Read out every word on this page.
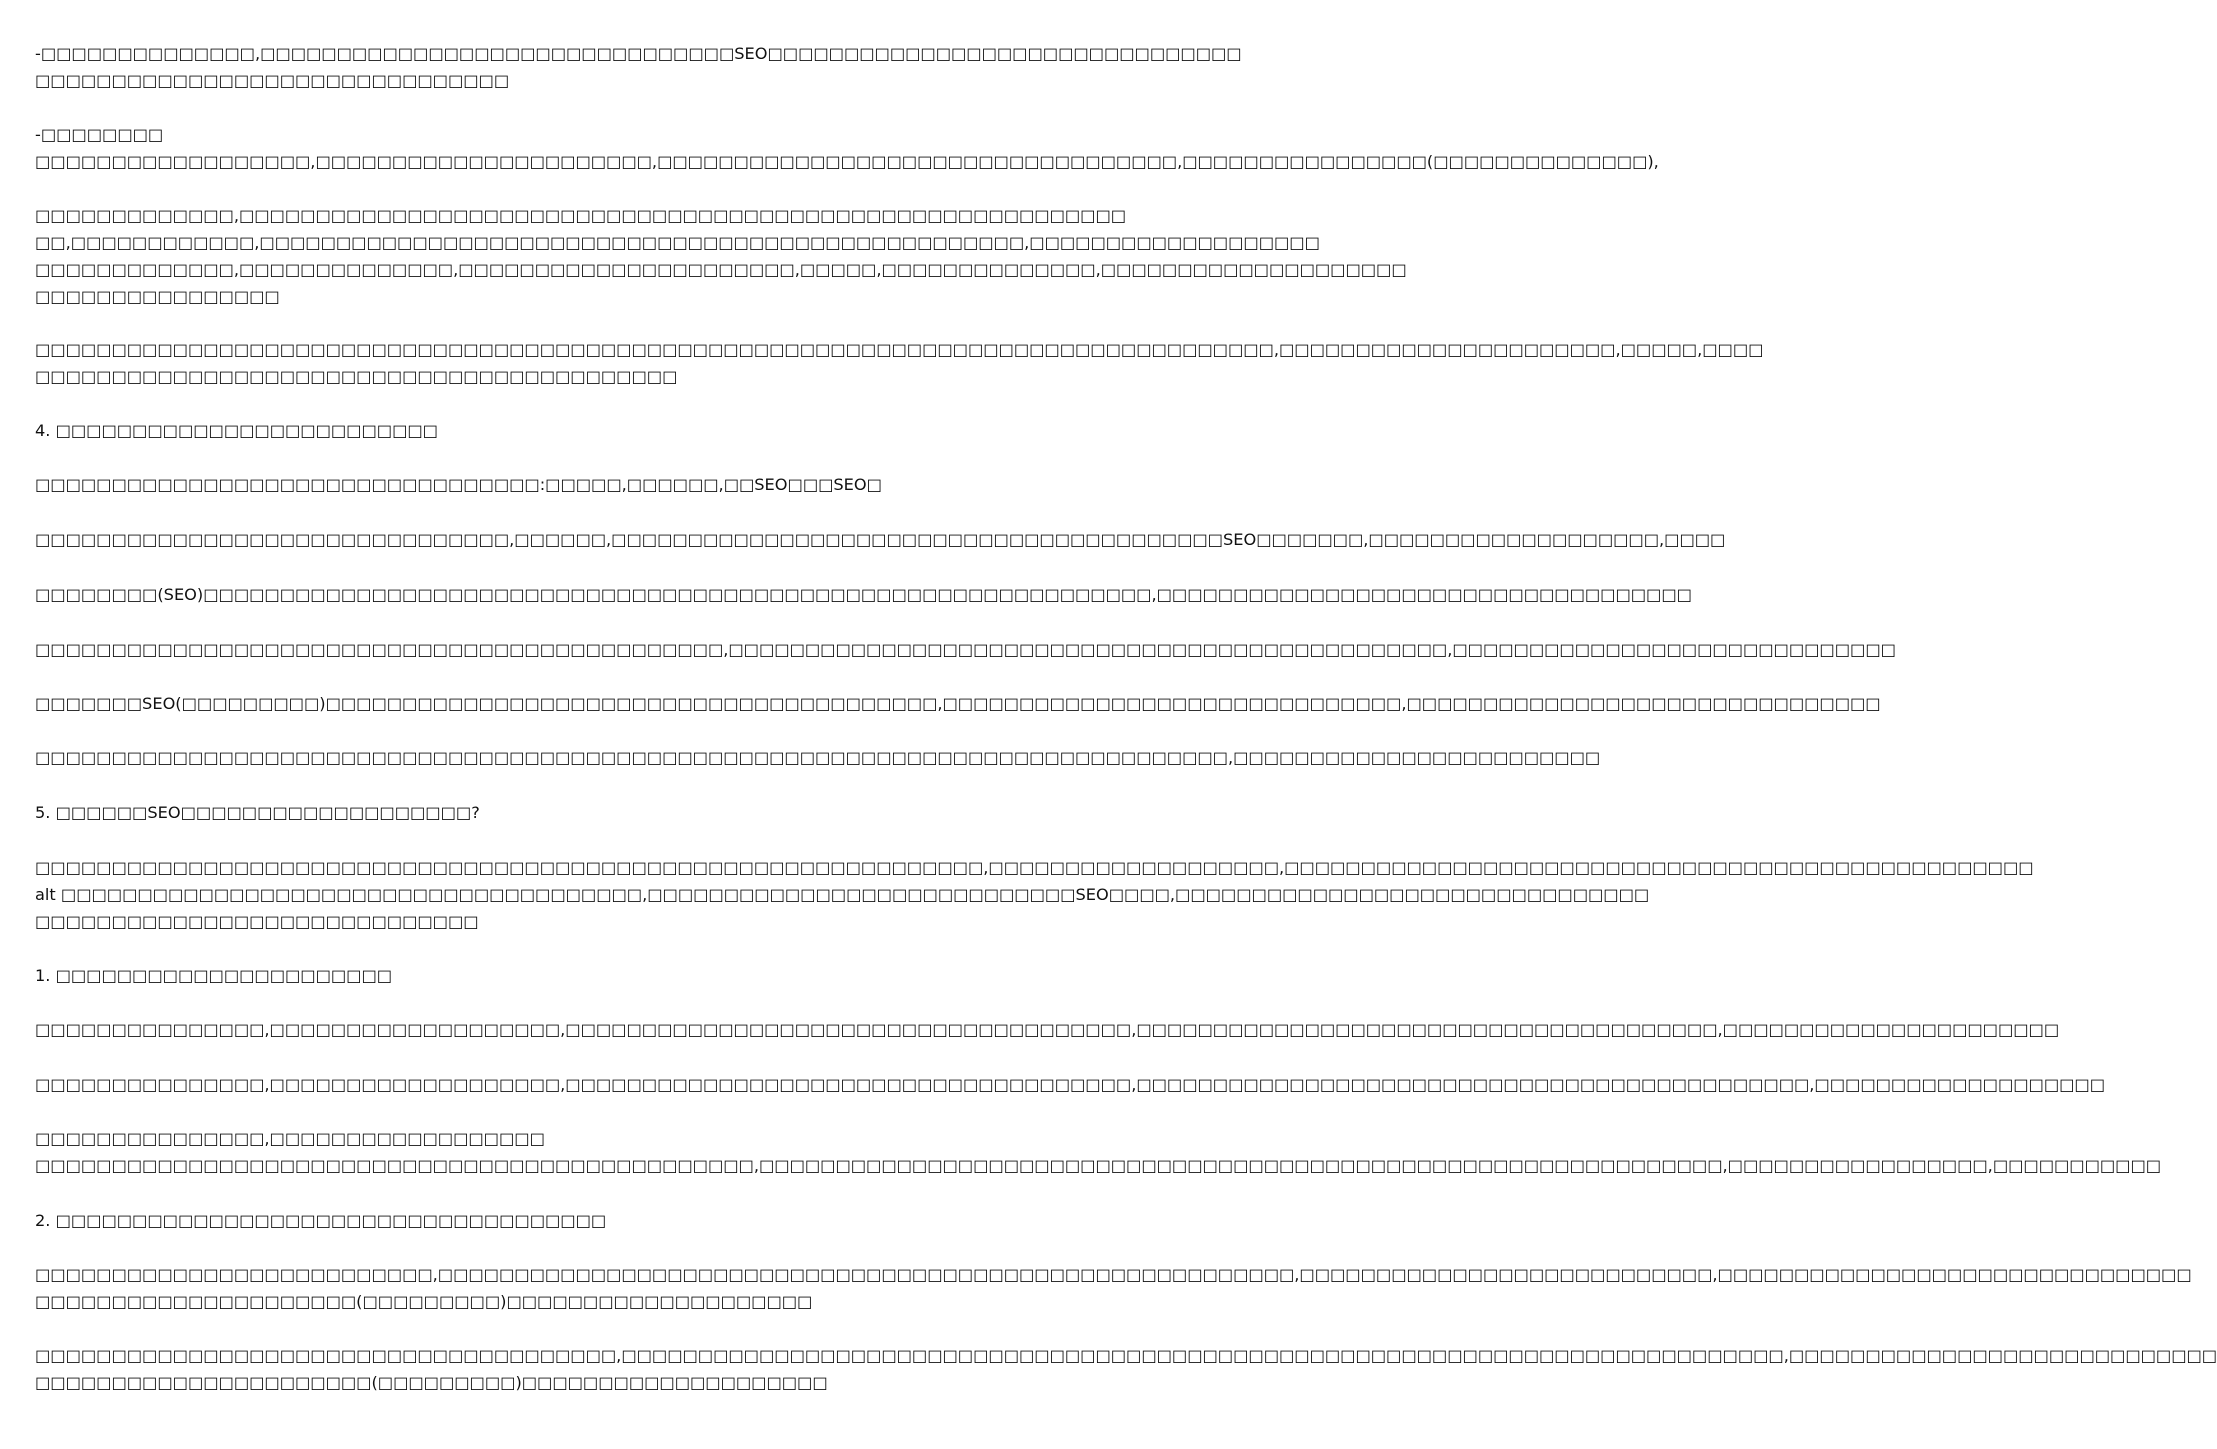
-□□□□□□□□□□□□□□,□□□□□□□□□□□□□□□□□□□□□□□□□□□□□□□SEO□□□□□□□□□□□□□□□□□□□□□□□□□□□□□□□
□□□□□□□□□□□□□□□□□□□□□□□□□□□□□□□
-□□□□□□□□
□□□□□□□□□□□□□□□□□□,□□□□□□□□□□□□□□□□□□□□□□,□□□□□□□□□□□□□□□□□□□□□□□□□□□□□□□□□□,□□□□□□□□□□□□□□□□(□□□□□□□□□□□□□□),
□□□□□□□□□□□□□,□□□□□□□□□□□□□□□□□□□□□□□□□□□□□□□□□□□□□□□□□□□□□□□□□□□□□□□□□□
□□,□□□□□□□□□□□□,□□□□□□□□□□□□□□□□□□□□□□□□□□□□□□□□□□□□□□□□□□□□□□□□□□,□□□□□□□□□□□□□□□□□□□
□□□□□□□□□□□□□,□□□□□□□□□□□□□□,□□□□□□□□□□□□□□□□□□□□□□,□□□□□,□□□□□□□□□□□□□□,□□□□□□□□□□□□□□□□□□□□
□□□□□□□□□□□□□□□□
□□□□□□□□□□□□□□□□□□□□□□□□□□□□□□□□□□□□□□□□□□□□□□□□□□□□□□□□□□□□□□□□□□□□□□□□□□□□□□□□□,□□□□□□□□□□□□□□□□□□□□□□,□□□□□,□□□□
□□□□□□□□□□□□□□□□□□□□□□□□□□□□□□□□□□□□□□□□□□
4. □□□□□□□□□□□□□□□□□□□□□□□□□
□□□□□□□□□□□□□□□□□□□□□□□□□□□□□□□□□:□□□□□,□□□□□□,□□SEO□□□SEO□
□□□□□□□□□□□□□□□□□□□□□□□□□□□□□□□,□□□□□□,□□□□□□□□□□□□□□□□□□□□□□□□□□□□□□□□□□□□□□□□SEO□□□□□□□,□□□□□□□□□□□□□□□□□□□,□□□□
□□□□□□□□(SEO)□□□□□□□□□□□□□□□□□□□□□□□□□□□□□□□□□□□□□□□□□□□□□□□□□□□□□□□□□□□□□□,□□□□□□□□□□□□□□□□□□□□□□□□□□□□□□□□□□□
□□□□□□□□□□□□□□□□□□□□□□□□□□□□□□□□□□□□□□□□□□□□□,□□□□□□□□□□□□□□□□□□□□□□□□□□□□□□□□□□□□□□□□□□□□□□□,□□□□□□□□□□□□□□□□□□□□□□□□□□□□□
□□□□□□□SEO(□□□□□□□□□)□□□□□□□□□□□□□□□□□□□□□□□□□□□□□□□□□□□□□□□□,□□□□□□□□□□□□□□□□□□□□□□□□□□□□□□,□□□□□□□□□□□□□□□□□□□□□□□□□□□□□□□
□□□□□□□□□□□□□□□□□□□□□□□□□□□□□□□□□□□□□□□□□□□□□□□□□□□□□□□□□□□□□□□□□□□□□□□□□□□□□□,□□□□□□□□□□□□□□□□□□□□□□□□
5. □□□□□□SEO□□□□□□□□□□□□□□□□□□□?
□□□□□□□□□□□□□□□□□□□□□□□□□□□□□□□□□□□□□□□□□□□□□□□□□□□□□□□□□□□□□□,□□□□□□□□□□□□□□□□□□□,□□□□□□□□□□□□□□□□□□□□□□□□□□□□□□□□□□□□□□□□□□□□□□□□□
alt □□□□□□□□□□□□□□□□□□□□□□□□□□□□□□□□□□□□□□,□□□□□□□□□□□□□□□□□□□□□□□□□□□□SEO□□□□,□□□□□□□□□□□□□□□□□□□□□□□□□□□□□□□
□□□□□□□□□□□□□□□□□□□□□□□□□□□□□
1. □□□□□□□□□□□□□□□□□□□□□□
□□□□□□□□□□□□□□□,□□□□□□□□□□□□□□□□□□□,□□□□□□□□□□□□□□□□□□□□□□□□□□□□□□□□□□□□□,□□□□□□□□□□□□□□□□□□□□□□□□□□□□□□□□□□□□□□,□□□□□□□□□□□□□□□□□□□□□□
□□□□□□□□□□□□□□□,□□□□□□□□□□□□□□□□□□□,□□□□□□□□□□□□□□□□□□□□□□□□□□□□□□□□□□□□□,□□□□□□□□□□□□□□□□□□□□□□□□□□□□□□□□□□□□□□□□□□□□,□□□□□□□□□□□□□□□□□□□
□□□□□□□□□□□□□□□,□□□□□□□□□□□□□□□□□□
□□□□□□□□□□□□□□□□□□□□□□□□□□□□□□□□□□□□□□□□□□□□□□□,□□□□□□□□□□□□□□□□□□□□□□□□□□□□□□□□□□□□□□□□□□□□□□□□□□□□□□□□□□□□□□□,□□□□□□□□□□□□□□□□□,□□□□□□□□□□□
2. □□□□□□□□□□□□□□□□□□□□□□□□□□□□□□□□□□□□
□□□□□□□□□□□□□□□□□□□□□□□□□□,□□□□□□□□□□□□□□□□□□□□□□□□□□□□□□□□□□□□□□□□□□□□□□□□□□□□□□□□,□□□□□□□□□□□□□□□□□□□□□□□□□□□,□□□□□□□□□□□□□□□□□□□□□□□□□□□□□□□
□□□□□□□□□□□□□□□□□□□□□(□□□□□□□□□)□□□□□□□□□□□□□□□□□□□□
□□□□□□□□□□□□□□□□□□□□□□□□□□□□□□□□□□□□□□,□□□□□□□□□□□□□□□□□□□□□□□□□□□□□□□□□□□□□□□□□□□□□□□□□□□□□□□□□□□□□□□□□□□□□□□□□□□□,□□□□□□□□□□□□□□□□□□□□□□□□□□□□
□□□□□□□□□□□□□□□□□□□□□□(□□□□□□□□□)□□□□□□□□□□□□□□□□□□□□
